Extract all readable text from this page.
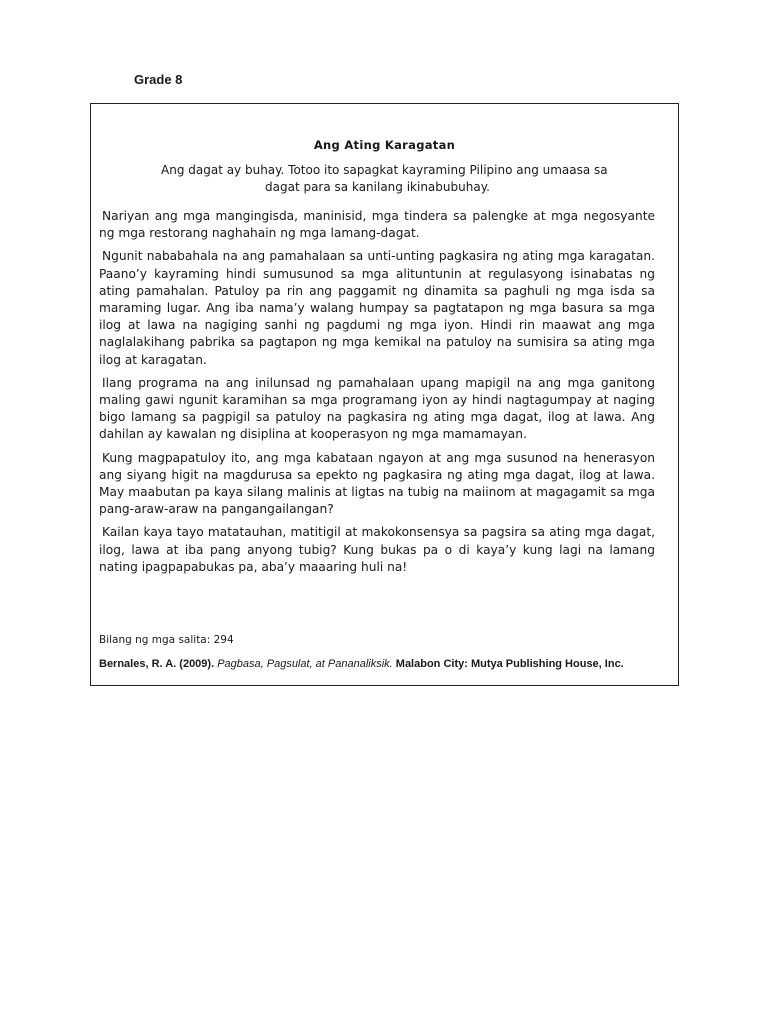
Grade 8
Ang Ating Karagatan
Ang dagat ay buhay. Totoo ito sapagkat kayraming Pilipino ang umaasa sa
dagat para sa kanilang ikinabubuhay.

Nariyan ang mga mangingisda, maninisid, mga tindera sa palengke at mga negosyante ng mga restorang naghahain ng mga lamang-dagat.

Ngunit nababahala na ang pamahalaan sa unti-unting pagkasira ng ating mga karagatan. Paano’y kayraming hindi sumusunod sa mga alituntunin at regulasyong isinabatas ng ating pamahalan. Patuloy pa rin ang paggamit ng dinamita sa paghuli ng mga isda sa maraming lugar. Ang iba nama’y walang humpay sa pagtatapon ng mga basura sa mga ilog at lawa na nagiging sanhi ng pagdumi ng mga iyon. Hindi rin maawat ang mga naglalakihang pabrika sa pagtapon ng mga kemikal na patuloy na sumisira sa ating mga ilog at karagatan.

Ilang programa na ang inilunsad ng pamahalaan upang mapigil na ang mga ganitong maling gawi ngunit karamihan sa mga programang iyon ay hindi nagtagumpay at naging bigo lamang sa pagpigil sa patuloy na pagkasira ng ating mga dagat, ilog at lawa. Ang dahilan ay kawalan ng disiplina at kooperasyon ng mga mamamayan.

Kung magpapatuloy ito, ang mga kabataan ngayon at ang mga susunod na henerasyon ang siyang higit na magdurusa sa epekto ng pagkasira ng ating mga dagat, ilog at lawa. May maabutan pa kaya silang malinis at ligtas na tubig na maiinom at magagamit sa mga pang-araw-araw na pangangailangan?

Kailan kaya tayo matatauhan, matitigil at makokonsensya sa pagsira sa ating mga dagat, ilog, lawa at iba pang anyong tubig? Kung bukas pa o di kaya’y kung lagi na lamang nating ipagpapabukas pa, aba’y maaaring huli na!

Bilang ng mga salita: 294
Bernales, R. A. (2009). Pagbasa, Pagsulat, at Pananaliksik. Malabon City: Mutya Publishing House, Inc.
